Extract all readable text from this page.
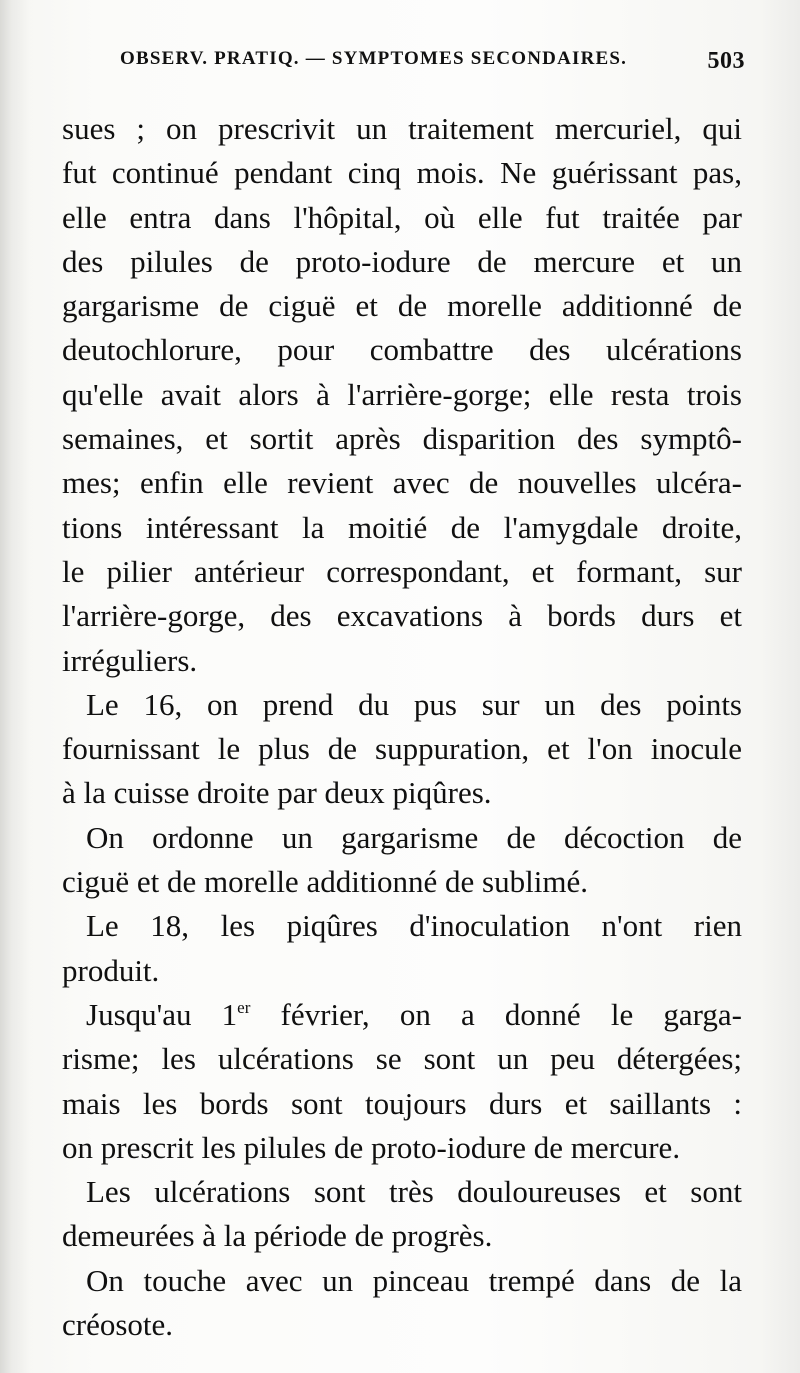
OBSERV. PRATIQ. — SYMPTOMES SECONDAIRES.	503
sues ; on prescrivit un traitement mercuriel, qui
fut continué pendant cinq mois. Ne guérissant pas,
elle entra dans l'hôpital, où elle fut traitée par
des pilules de proto-iodure de mercure et un
gargarisme de ciguë et de morelle additionné de
deutochlorure, pour combattre des ulcérations
qu'elle avait alors à l'arrière-gorge; elle resta trois
semaines, et sortit après disparition des symptô-
mes; enfin elle revient avec de nouvelles ulcéra-
tions intéressant la moitié de l'amygdale droite,
le pilier antérieur correspondant, et formant, sur
l'arrière-gorge, des excavations à bords durs et
irréguliers.
Le 16, on prend du pus sur un des points
fournissant le plus de suppuration, et l'on inocule
à la cuisse droite par deux piqûres.
On ordonne un gargarisme de décoction de
ciguë et de morelle additionné de sublimé.
Le 18, les piqûres d'inoculation n'ont rien
produit.
Jusqu'au 1er février, on a donné le garga-
risme; les ulcérations se sont un peu détergées;
mais les bords sont toujours durs et saillants :
on prescrit les pilules de proto-iodure de mercure.
Les ulcérations sont très douloureuses et sont
demeurées à la période de progrès.
On touche avec un pinceau trempé dans de la
créosote.
